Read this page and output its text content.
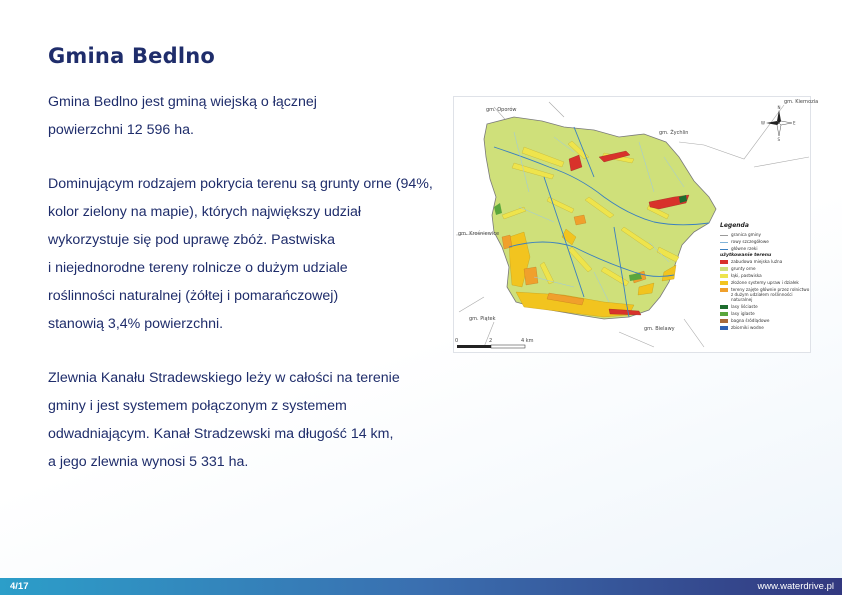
Gmina Bedlno

Gmina Bedlno jest gminą wiejską o łącznej
powierzchni 12 596 ha.

Dominującym rodzajem pokrycia terenu są grunty orne (94%,
kolor zielony na mapie), których największy udział
wykorzystuje się pod uprawę zbóż. Pastwiska
i niejednorodne tereny rolnicze o dużym udziale
roślinności naturalnej (żółtej i pomarańczowej)
stanowią 3,4% powierzchni.

Zlewnia Kanału Stradewskiego leży w całości na terenie
gminy i jest systemem połączonym z systemem
odwadniającym. Kanał Stradzewski ma długość 14 km,
a jego zlewnia wynosi 5 331 ha.

gm. Oporów
gm. Żychlin
gm. Krośniewice
gm. Piątek
gm. Bielawy
gm. Kiernozia
N
S
E
W
0	2	4 km
Legenda
granica gminy
rowy szczegółowe
główne rzeki
użytkowanie terenu
zabudowa miejska luźna
grunty orne
łąki, pastwiska
złożone systemy upraw i działek
tereny zajęte głównie przez rolnictwo z dużym udziałem roślinności naturalnej
lasy liściaste
lasy iglaste
bagna śródlądowe
zbiorniki wodne
4/17	www.waterdrive.pl
